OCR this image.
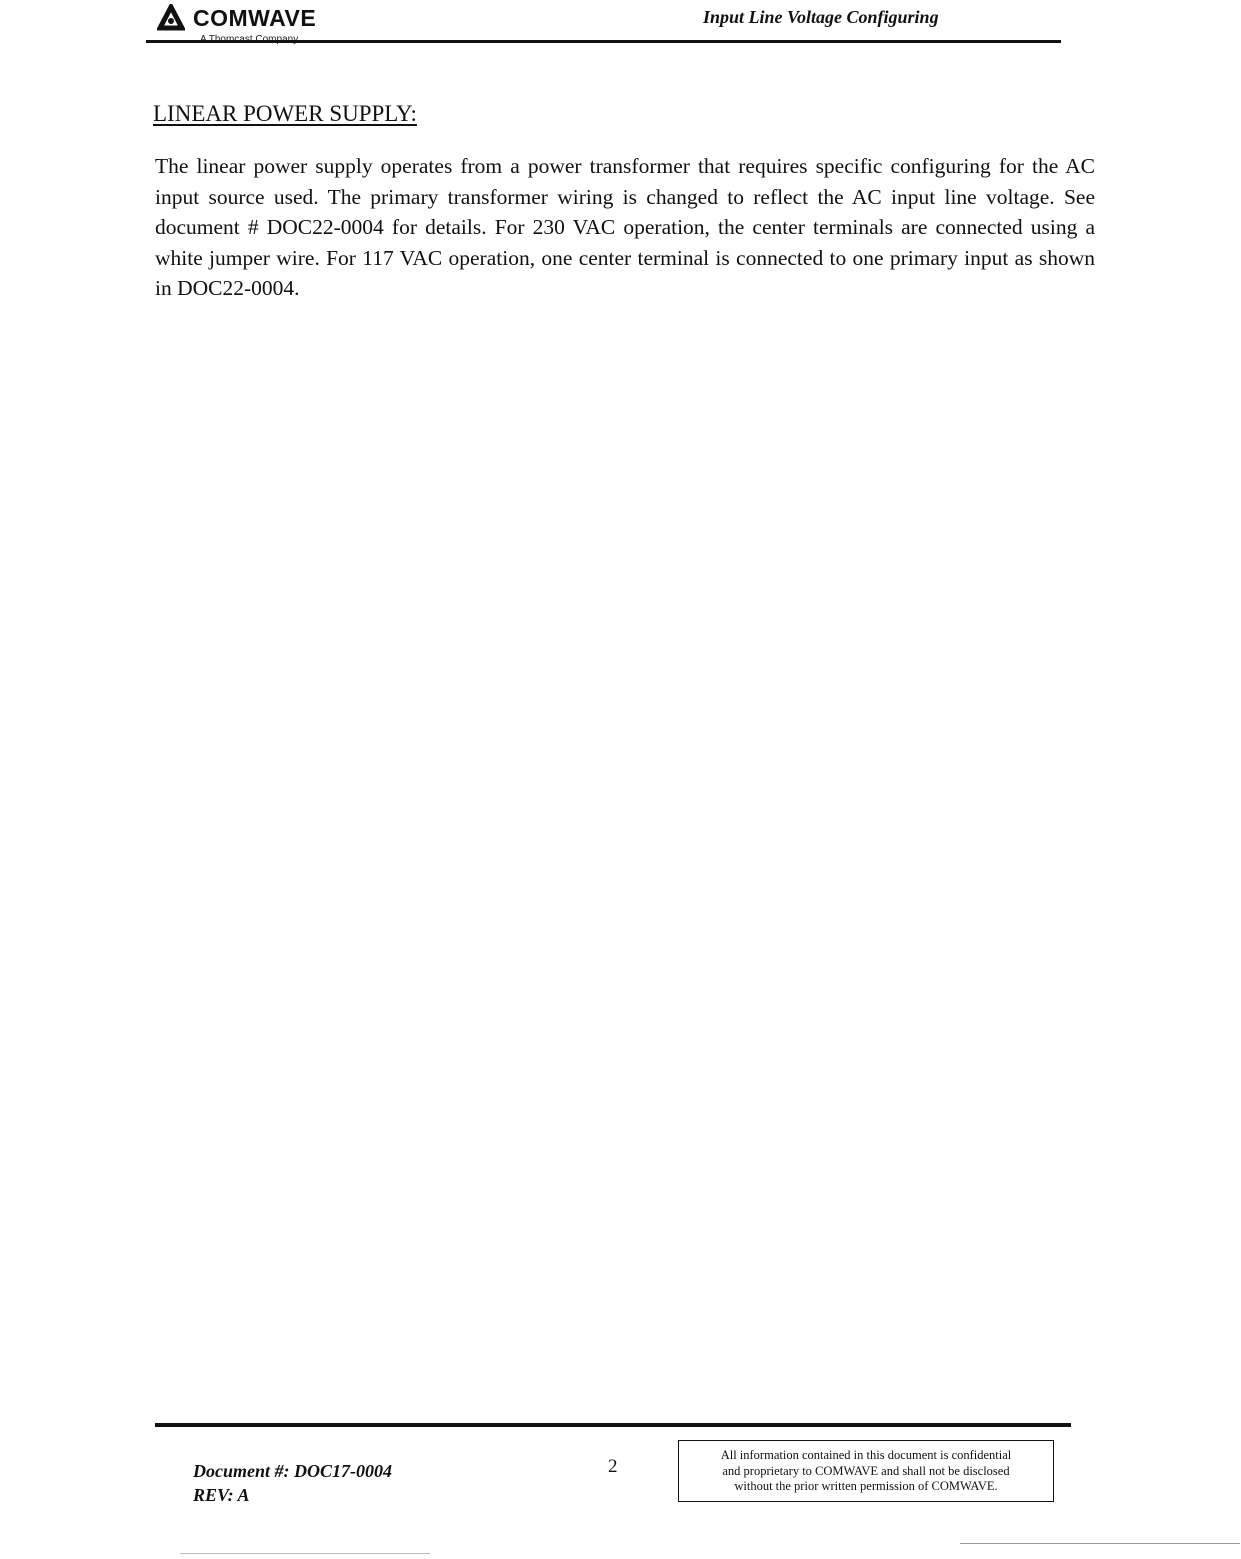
COMWAVE	Input Line Voltage Configuring
LINEAR POWER SUPPLY:
The linear power supply operates from a power transformer that requires specific configuring for the AC input source used. The primary transformer wiring is changed to reflect the AC input line voltage. See document # DOC22-0004 for details. For 230 VAC operation, the center terminals are connected using a white jumper wire. For 117 VAC operation, one center terminal is connected to one primary input as shown in DOC22-0004.
Document #: DOC17-0004
REV: A
2
All information contained in this document is confidential
and proprietary to COMWAVE and shall not be disclosed
without the prior written permission of COMWAVE.
